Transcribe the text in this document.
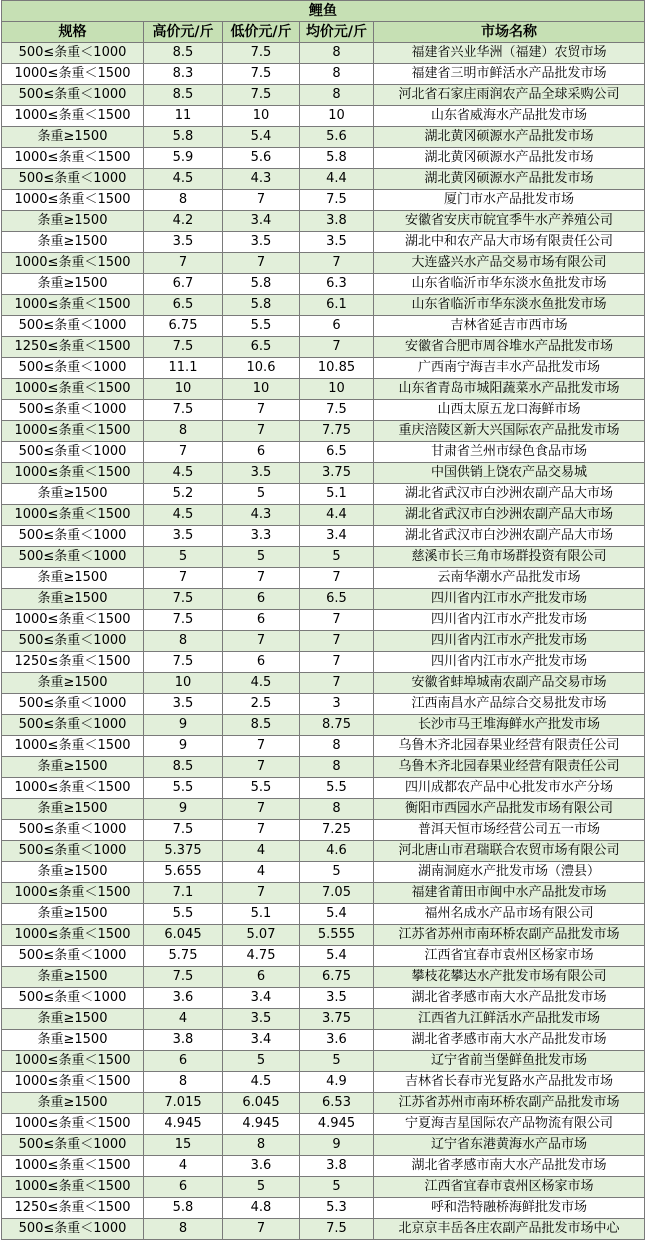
鲤鱼				
规格	高价元/斤	低价元/斤	均价元/斤	市场名称
500≤条重＜1000	8.5	7.5	8	福建省兴业华洲（福建）农贸市场
1000≤条重＜1500	8.3	7.5	8	福建省三明市鲜活水产品批发市场
500≤条重＜1000	8.5	7.5	8	河北省石家庄雨润农产品全球采购公司
1000≤条重＜1500	11	10	10	山东省威海水产品批发市场
条重≥1500	5.8	5.4	5.6	湖北黄冈硕源水产品批发市场
1000≤条重＜1500	5.9	5.6	5.8	湖北黄冈硕源水产品批发市场
500≤条重＜1000	4.5	4.3	4.4	湖北黄冈硕源水产品批发市场
1000≤条重＜1500	8	7	7.5	厦门市水产品批发市场
条重≥1500	4.2	3.4	3.8	安徽省安庆市皖宜季牛水产养殖公司
条重≥1500	3.5	3.5	3.5	湖北中和农产品大市场有限责任公司
1000≤条重＜1500	7	7	7	大连盛兴水产品交易市场有限公司
条重≥1500	6.7	5.8	6.3	山东省临沂市华东淡水鱼批发市场
1000≤条重＜1500	6.5	5.8	6.1	山东省临沂市华东淡水鱼批发市场
500≤条重＜1000	6.75	5.5	6	吉林省延吉市西市场
1250≤条重＜1500	7.5	6.5	7	安徽省合肥市周谷堆水产品批发市场
500≤条重＜1000	11.1	10.6	10.85	广西南宁海吉丰水产品批发市场
1000≤条重＜1500	10	10	10	山东省青岛市城阳蔬菜水产品批发市场
500≤条重＜1000	7.5	7	7.5	山西太原五龙口海鲜市场
1000≤条重＜1500	8	7	7.75	重庆涪陵区新大兴国际农产品批发市场
500≤条重＜1000	7	6	6.5	甘肃省兰州市绿色食品市场
1000≤条重＜1500	4.5	3.5	3.75	中国供销上饶农产品交易城
条重≥1500	5.2	5	5.1	湖北省武汉市白沙洲农副产品大市场
1000≤条重＜1500	4.5	4.3	4.4	湖北省武汉市白沙洲农副产品大市场
500≤条重＜1000	3.5	3.3	3.4	湖北省武汉市白沙洲农副产品大市场
500≤条重＜1000	5	5	5	慈溪市长三角市场群投资有限公司
条重≥1500	7	7	7	云南华潮水产品批发市场
条重≥1500	7.5	6	6.5	四川省内江市水产批发市场
1000≤条重＜1500	7.5	6	7	四川省内江市水产批发市场
500≤条重＜1000	8	7	7	四川省内江市水产批发市场
1250≤条重＜1500	7.5	6	7	四川省内江市水产批发市场
条重≥1500	10	4.5	7	安徽省蚌埠城南农副产品交易市场
500≤条重＜1000	3.5	2.5	3	江西南昌水产品综合交易批发市场
500≤条重＜1000	9	8.5	8.75	长沙市马王堆海鲜水产批发市场
1000≤条重＜1500	9	7	8	乌鲁木齐北园春果业经营有限责任公司
条重≥1500	8.5	7	8	乌鲁木齐北园春果业经营有限责任公司
1000≤条重＜1500	5.5	5.5	5.5	四川成都农产品中心批发市水产分场
条重≥1500	9	7	8	衡阳市西园水产品批发市场有限公司
500≤条重＜1000	7.5	7	7.25	普洱天恒市场经营公司五一市场
500≤条重＜1000	5.375	4	4.6	河北唐山市君瑞联合农贸市场有限公司
条重≥1500	5.655	4	5	湖南洞庭水产批发市场（澧县）
1000≤条重＜1500	7.1	7	7.05	福建省莆田市闽中水产品批发市场
条重≥1500	5.5	5.1	5.4	福州名成水产品市场有限公司
1000≤条重＜1500	6.045	5.07	5.555	江苏省苏州市南环桥农副产品批发市场
500≤条重＜1000	5.75	4.75	5.4	江西省宜春市袁州区杨家市场
条重≥1500	7.5	6	6.75	攀枝花攀达水产批发市场有限公司
500≤条重＜1000	3.6	3.4	3.5	湖北省孝感市南大水产品批发市场
条重≥1500	4	3.5	3.75	江西省九江鲜活水产品批发市场
条重≥1500	3.8	3.4	3.6	湖北省孝感市南大水产品批发市场
1000≤条重＜1500	6	5	5	辽宁省前当堡鲜鱼批发市场
1000≤条重＜1500	8	4.5	4.9	吉林省长春市光复路水产品批发市场
条重≥1500	7.015	6.045	6.53	江苏省苏州市南环桥农副产品批发市场
1000≤条重＜1500	4.945	4.945	4.945	宁夏海吉星国际农产品物流有限公司
500≤条重＜1000	15	8	9	辽宁省东港黄海水产品市场
1000≤条重＜1500	4	3.6	3.8	湖北省孝感市南大水产品批发市场
1000≤条重＜1500	6	5	5	江西省宜春市袁州区杨家市场
1250≤条重＜1500	5.8	4.8	5.3	呼和浩特融桥海鲜批发市场
500≤条重＜1000	8	7	7.5	北京京丰岳各庄农副产品批发市场中心
